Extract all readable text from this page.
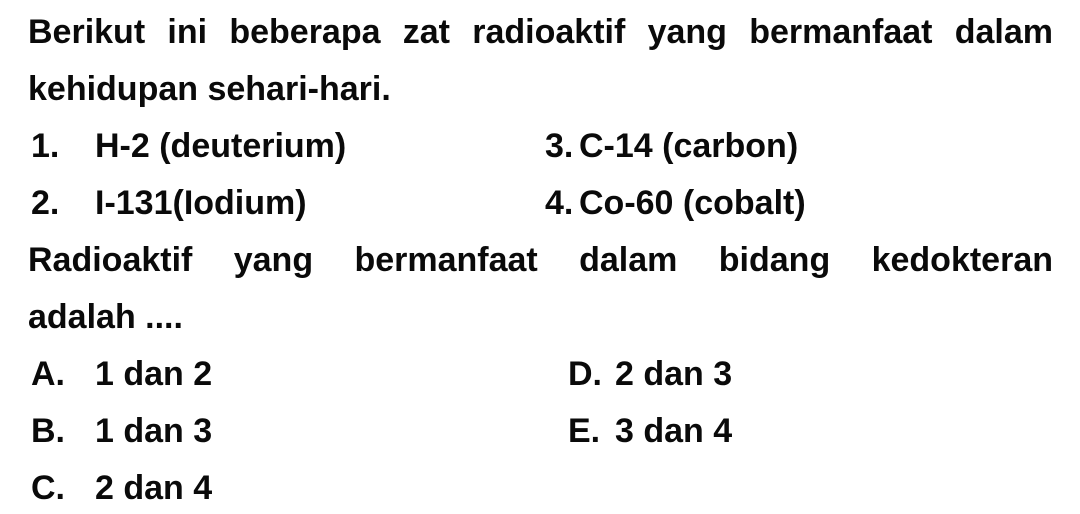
Berikut ini beberapa zat radioaktif yang bermanfaat dalam
kehidupan sehari-hari.
1.	H-2 (deuterium)	3. C-14 (carbon)
2.	I-131(Iodium)	4. Co-60 (cobalt)
Radioaktif yang bermanfaat dalam bidang kedokteran
adalah ....
A. 1 dan 2	D. 2 dan 3
B. 1 dan 3	E. 3 dan 4
C. 2 dan 4
